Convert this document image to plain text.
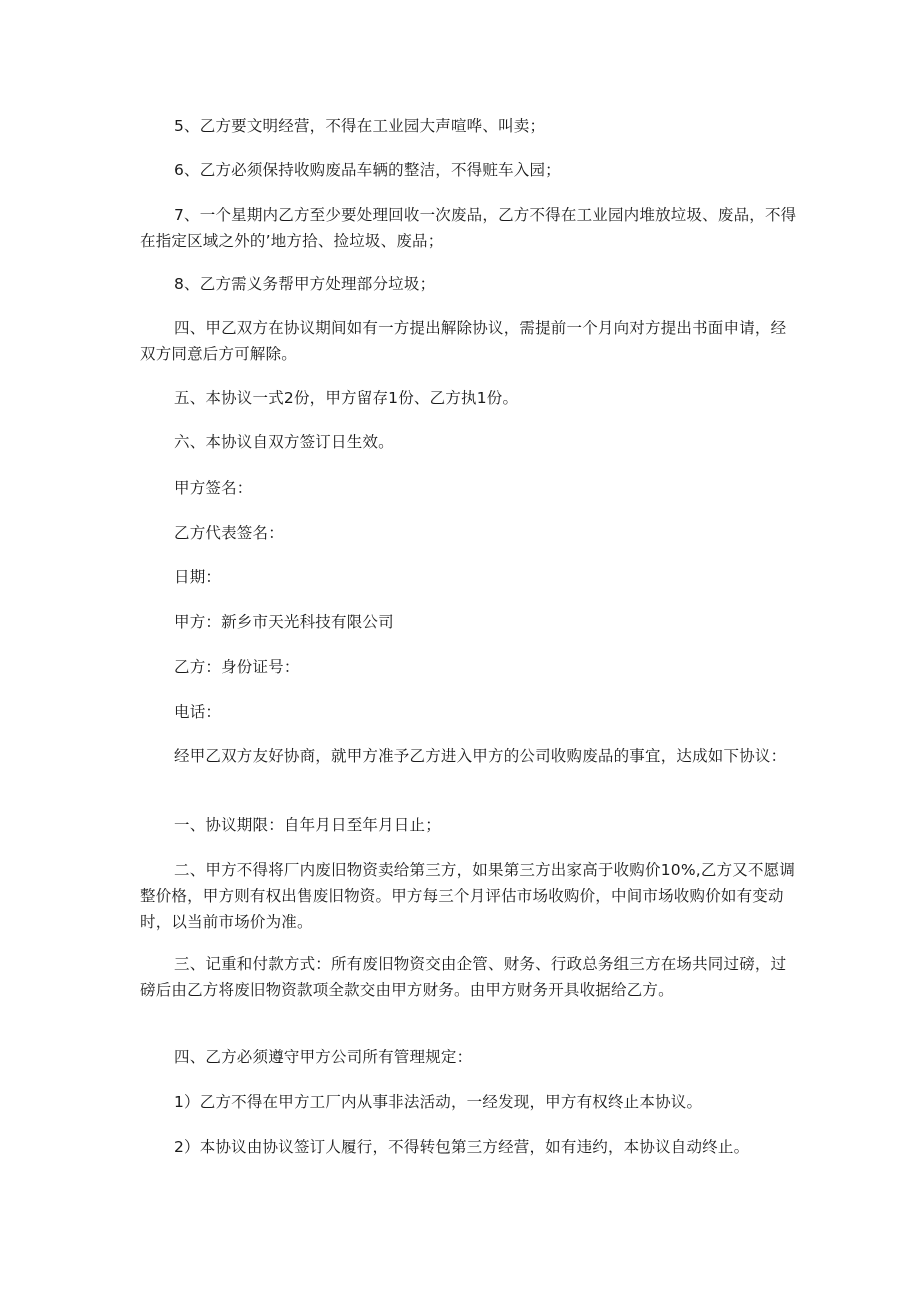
5、乙方要文明经营，不得在工业园大声喧哗、叫卖；

6、乙方必须保持收购废品车辆的整洁，不得赃车入园；

7、一个星期内乙方至少要处理回收一次废品，乙方不得在工业园内堆放垃圾、废品，不得在指定区域之外的’地方拾、捡垃圾、废品；

8、乙方需义务帮甲方处理部分垃圾；

四、甲乙双方在协议期间如有一方提出解除协议，需提前一个月向对方提出书面申请，经双方同意后方可解除。

五、本协议一式2份，甲方留存1份、乙方执1份。

六、本协议自双方签订日生效。

甲方签名：

乙方代表签名：

日期：

甲方：新乡市天光科技有限公司

乙方：身份证号：

电话：

经甲乙双方友好协商，就甲方准予乙方进入甲方的公司收购废品的事宜，达成如下协议：

一、协议期限：自年月日至年月日止；

二、甲方不得将厂内废旧物资卖给第三方，如果第三方出家高于收购价10%,乙方又不愿调整价格，甲方则有权出售废旧物资。甲方每三个月评估市场收购价，中间市场收购价如有变动时，以当前市场价为准。

三、记重和付款方式：所有废旧物资交由企管、财务、行政总务组三方在场共同过磅，过磅后由乙方将废旧物资款项全款交由甲方财务。由甲方财务开具收据给乙方。

四、乙方必须遵守甲方公司所有管理规定：

1）乙方不得在甲方工厂内从事非法活动，一经发现，甲方有权终止本协议。

2）本协议由协议签订人履行，不得转包第三方经营，如有违约，本协议自动终止。
